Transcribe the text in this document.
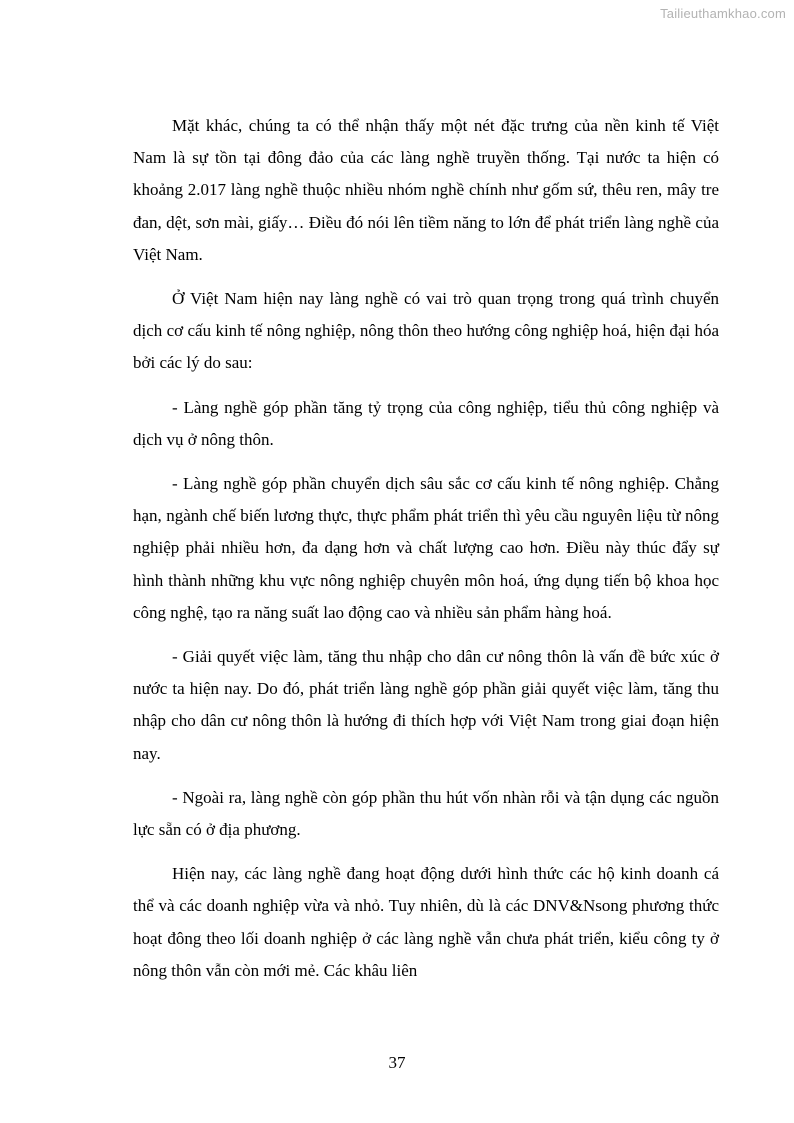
Tailieuthamkhao.com

Mặt khác, chúng ta có thể nhận thấy một nét đặc trưng của nền kinh tế Việt Nam là sự tồn tại đông đảo của các làng nghề truyền thống. Tại nước ta hiện có khoảng 2.017 làng nghề thuộc nhiều nhóm nghề chính như gốm sứ, thêu ren, mây tre đan, dệt, sơn mài, giấy… Điều đó nói lên tiềm năng to lớn để phát triển làng nghề của Việt Nam.

Ở Việt Nam hiện nay làng nghề có vai trò quan trọng trong quá trình chuyển dịch cơ cấu kinh tế nông nghiệp, nông thôn theo hướng công nghiệp hoá, hiện đại hóa bởi các lý do sau:

- Làng nghề góp phần tăng tỷ trọng của công nghiệp, tiểu thủ công nghiệp và dịch vụ ở nông thôn.

- Làng nghề góp phần chuyển dịch sâu sắc cơ cấu kinh tế nông nghiệp. Chẳng hạn, ngành chế biến lương thực, thực phẩm phát triển thì yêu cầu nguyên liệu từ nông nghiệp phải nhiều hơn, đa dạng hơn và chất lượng cao hơn. Điều này thúc đẩy sự hình thành những khu vực nông nghiệp chuyên môn hoá, ứng dụng tiến bộ khoa học công nghệ, tạo ra năng suất lao động cao và nhiều sản phẩm hàng hoá.

- Giải quyết việc làm, tăng thu nhập cho dân cư nông thôn là vấn đề bức xúc ở nước ta hiện nay. Do đó, phát triển làng nghề góp phần giải quyết việc làm, tăng thu nhập cho dân cư nông thôn là hướng đi thích hợp với Việt Nam trong giai đoạn hiện nay.

- Ngoài ra, làng nghề còn góp phần thu hút vốn nhàn rỗi và tận dụng các nguồn lực sẵn có ở địa phương.

Hiện nay, các làng nghề đang hoạt động dưới hình thức các hộ kinh doanh cá thể và các doanh nghiệp vừa và nhỏ. Tuy nhiên, dù là các DNV&Nsong phương thức hoạt đông theo lối doanh nghiệp ở các làng nghề vẫn chưa phát triển, kiểu công ty ở nông thôn vẫn còn mới mẻ. Các khâu liên

37
